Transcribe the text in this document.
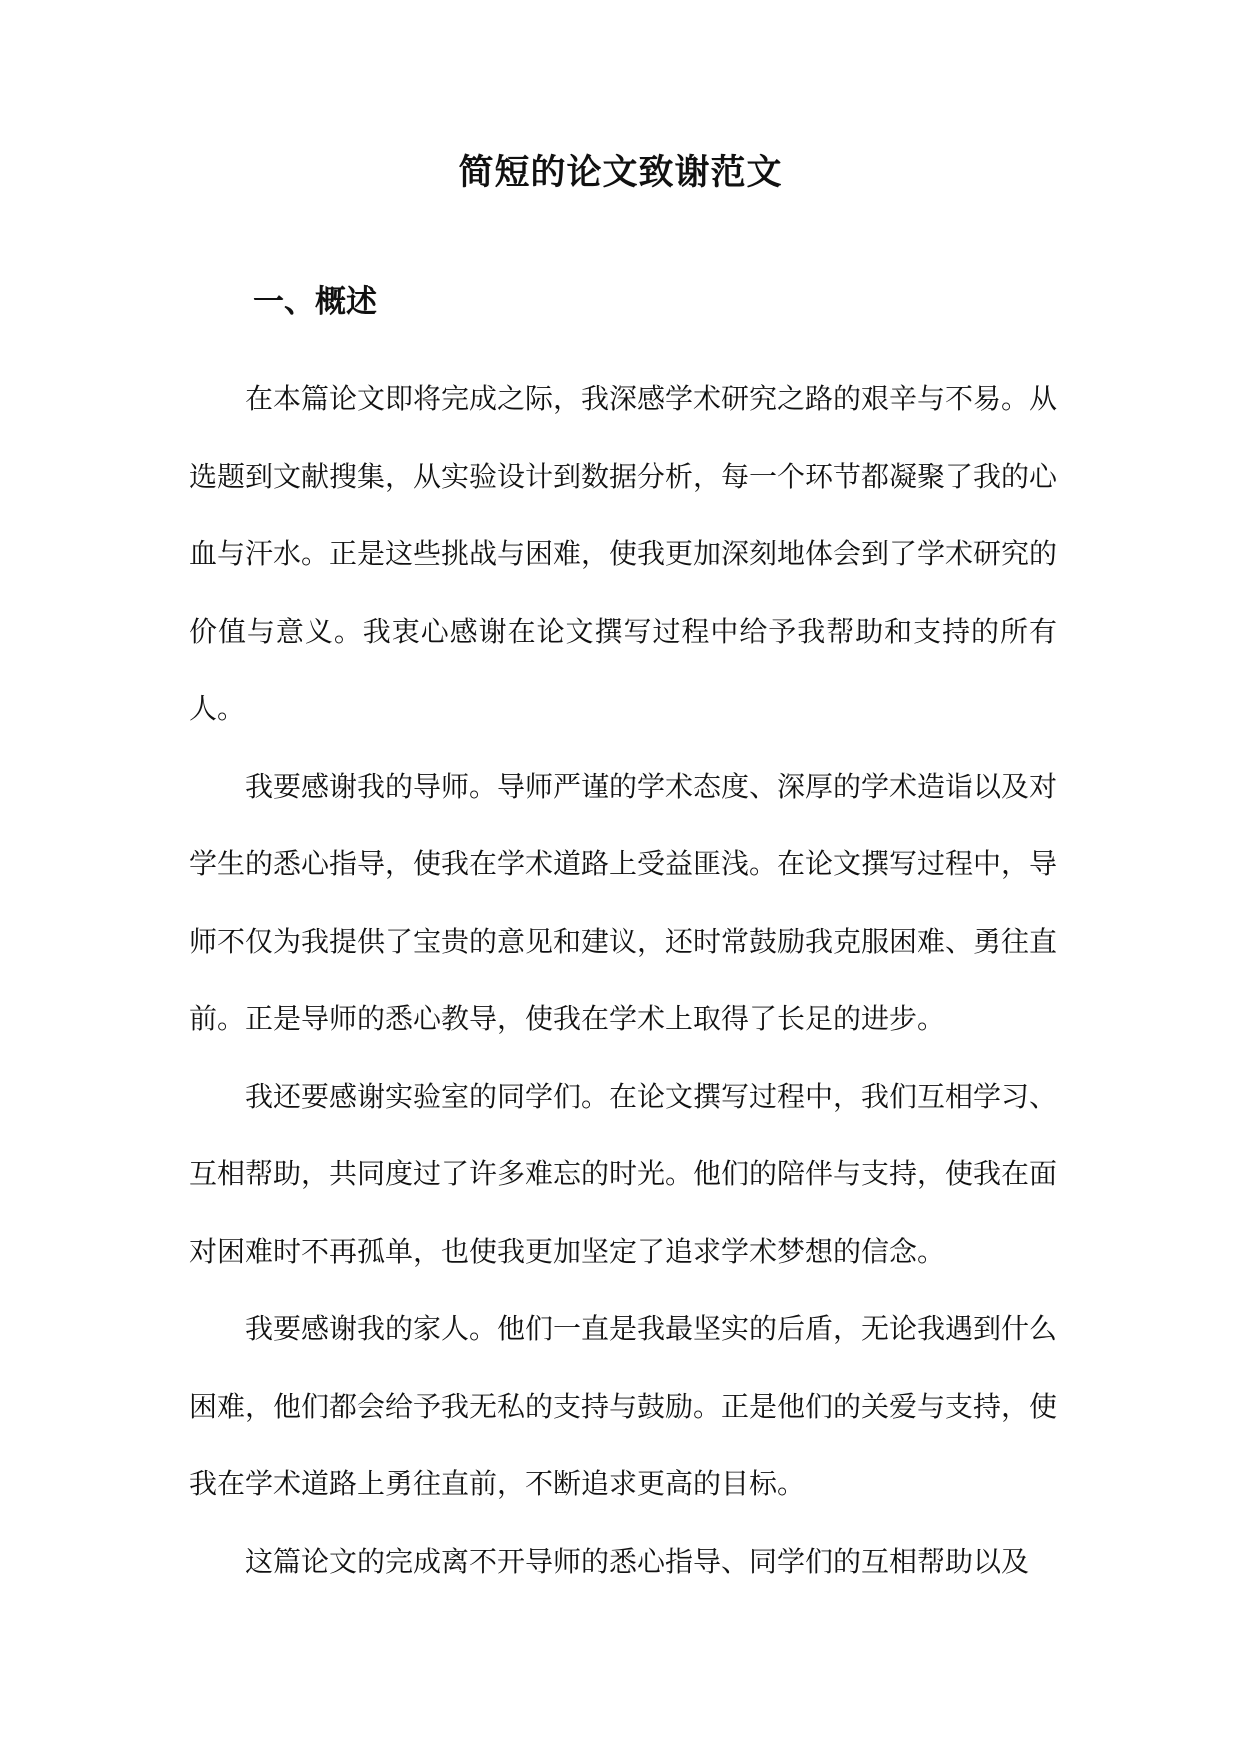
简短的论文致谢范文
一、概述

在本篇论文即将完成之际，我深感学术研究之路的艰辛与不易。从选题到文献搜集，从实验设计到数据分析，每一个环节都凝聚了我的心血与汗水。正是这些挑战与困难，使我更加深刻地体会到了学术研究的价值与意义。我衷心感谢在论文撰写过程中给予我帮助和支持的所有人。

我要感谢我的导师。导师严谨的学术态度、深厚的学术造诣以及对学生的悉心指导，使我在学术道路上受益匪浅。在论文撰写过程中，导师不仅为我提供了宝贵的意见和建议，还时常鼓励我克服困难、勇往直前。正是导师的悉心教导，使我在学术上取得了长足的进步。

我还要感谢实验室的同学们。在论文撰写过程中，我们互相学习、互相帮助，共同度过了许多难忘的时光。他们的陪伴与支持，使我在面对困难时不再孤单，也使我更加坚定了追求学术梦想的信念。

我要感谢我的家人。他们一直是我最坚实的后盾，无论我遇到什么困难，他们都会给予我无私的支持与鼓励。正是他们的关爱与支持，使我在学术道路上勇往直前，不断追求更高的目标。

这篇论文的完成离不开导师的悉心指导、同学们的互相帮助以及
